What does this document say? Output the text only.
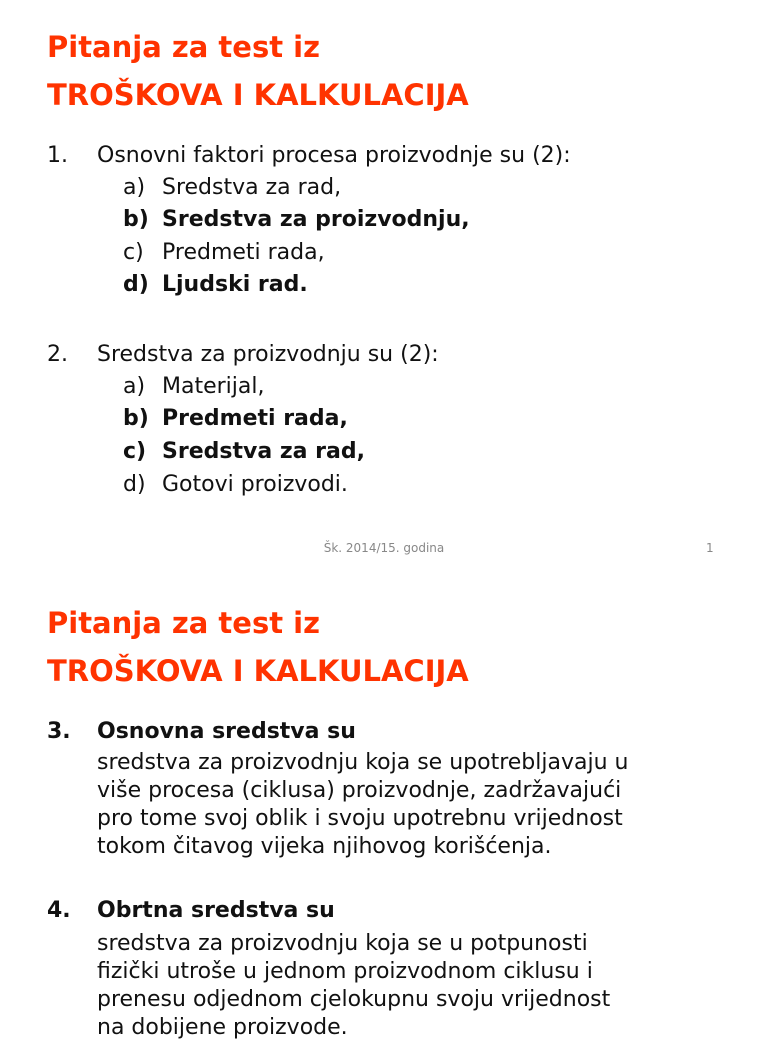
Pitanja za test iz
TROŠKOVA I KALKULACIJA
1. Osnovni faktori procesa proizvodnje su (2):
a) Sredstva za rad,
b) Sredstva za proizvodnju,
c) Predmeti rada,
d) Ljudski rad.
2. Sredstva za proizvodnju su (2):
a) Materijal,
b) Predmeti rada,
c) Sredstva za rad,
d) Gotovi proizvodi.
Šk. 2014/15. godina	1
Pitanja za test iz
TROŠKOVA I KALKULACIJA
3. Osnovna sredstva su
sredstva za proizvodnju koja se upotrebljavaju u
više procesa (ciklusa) proizvodnje, zadržavajući
pro tome svoj oblik i svoju upotrebnu vrijednost
tokom čitavog vijeka njihovog korišćenja.
4. Obrtna sredstva su
sredstva za proizvodnju koja se u potpunosti
fizički utroše u jednom proizvodnom ciklusu i
prenesu odjednom cjelokupnu svoju vrijednost
na dobijene proizvode.
